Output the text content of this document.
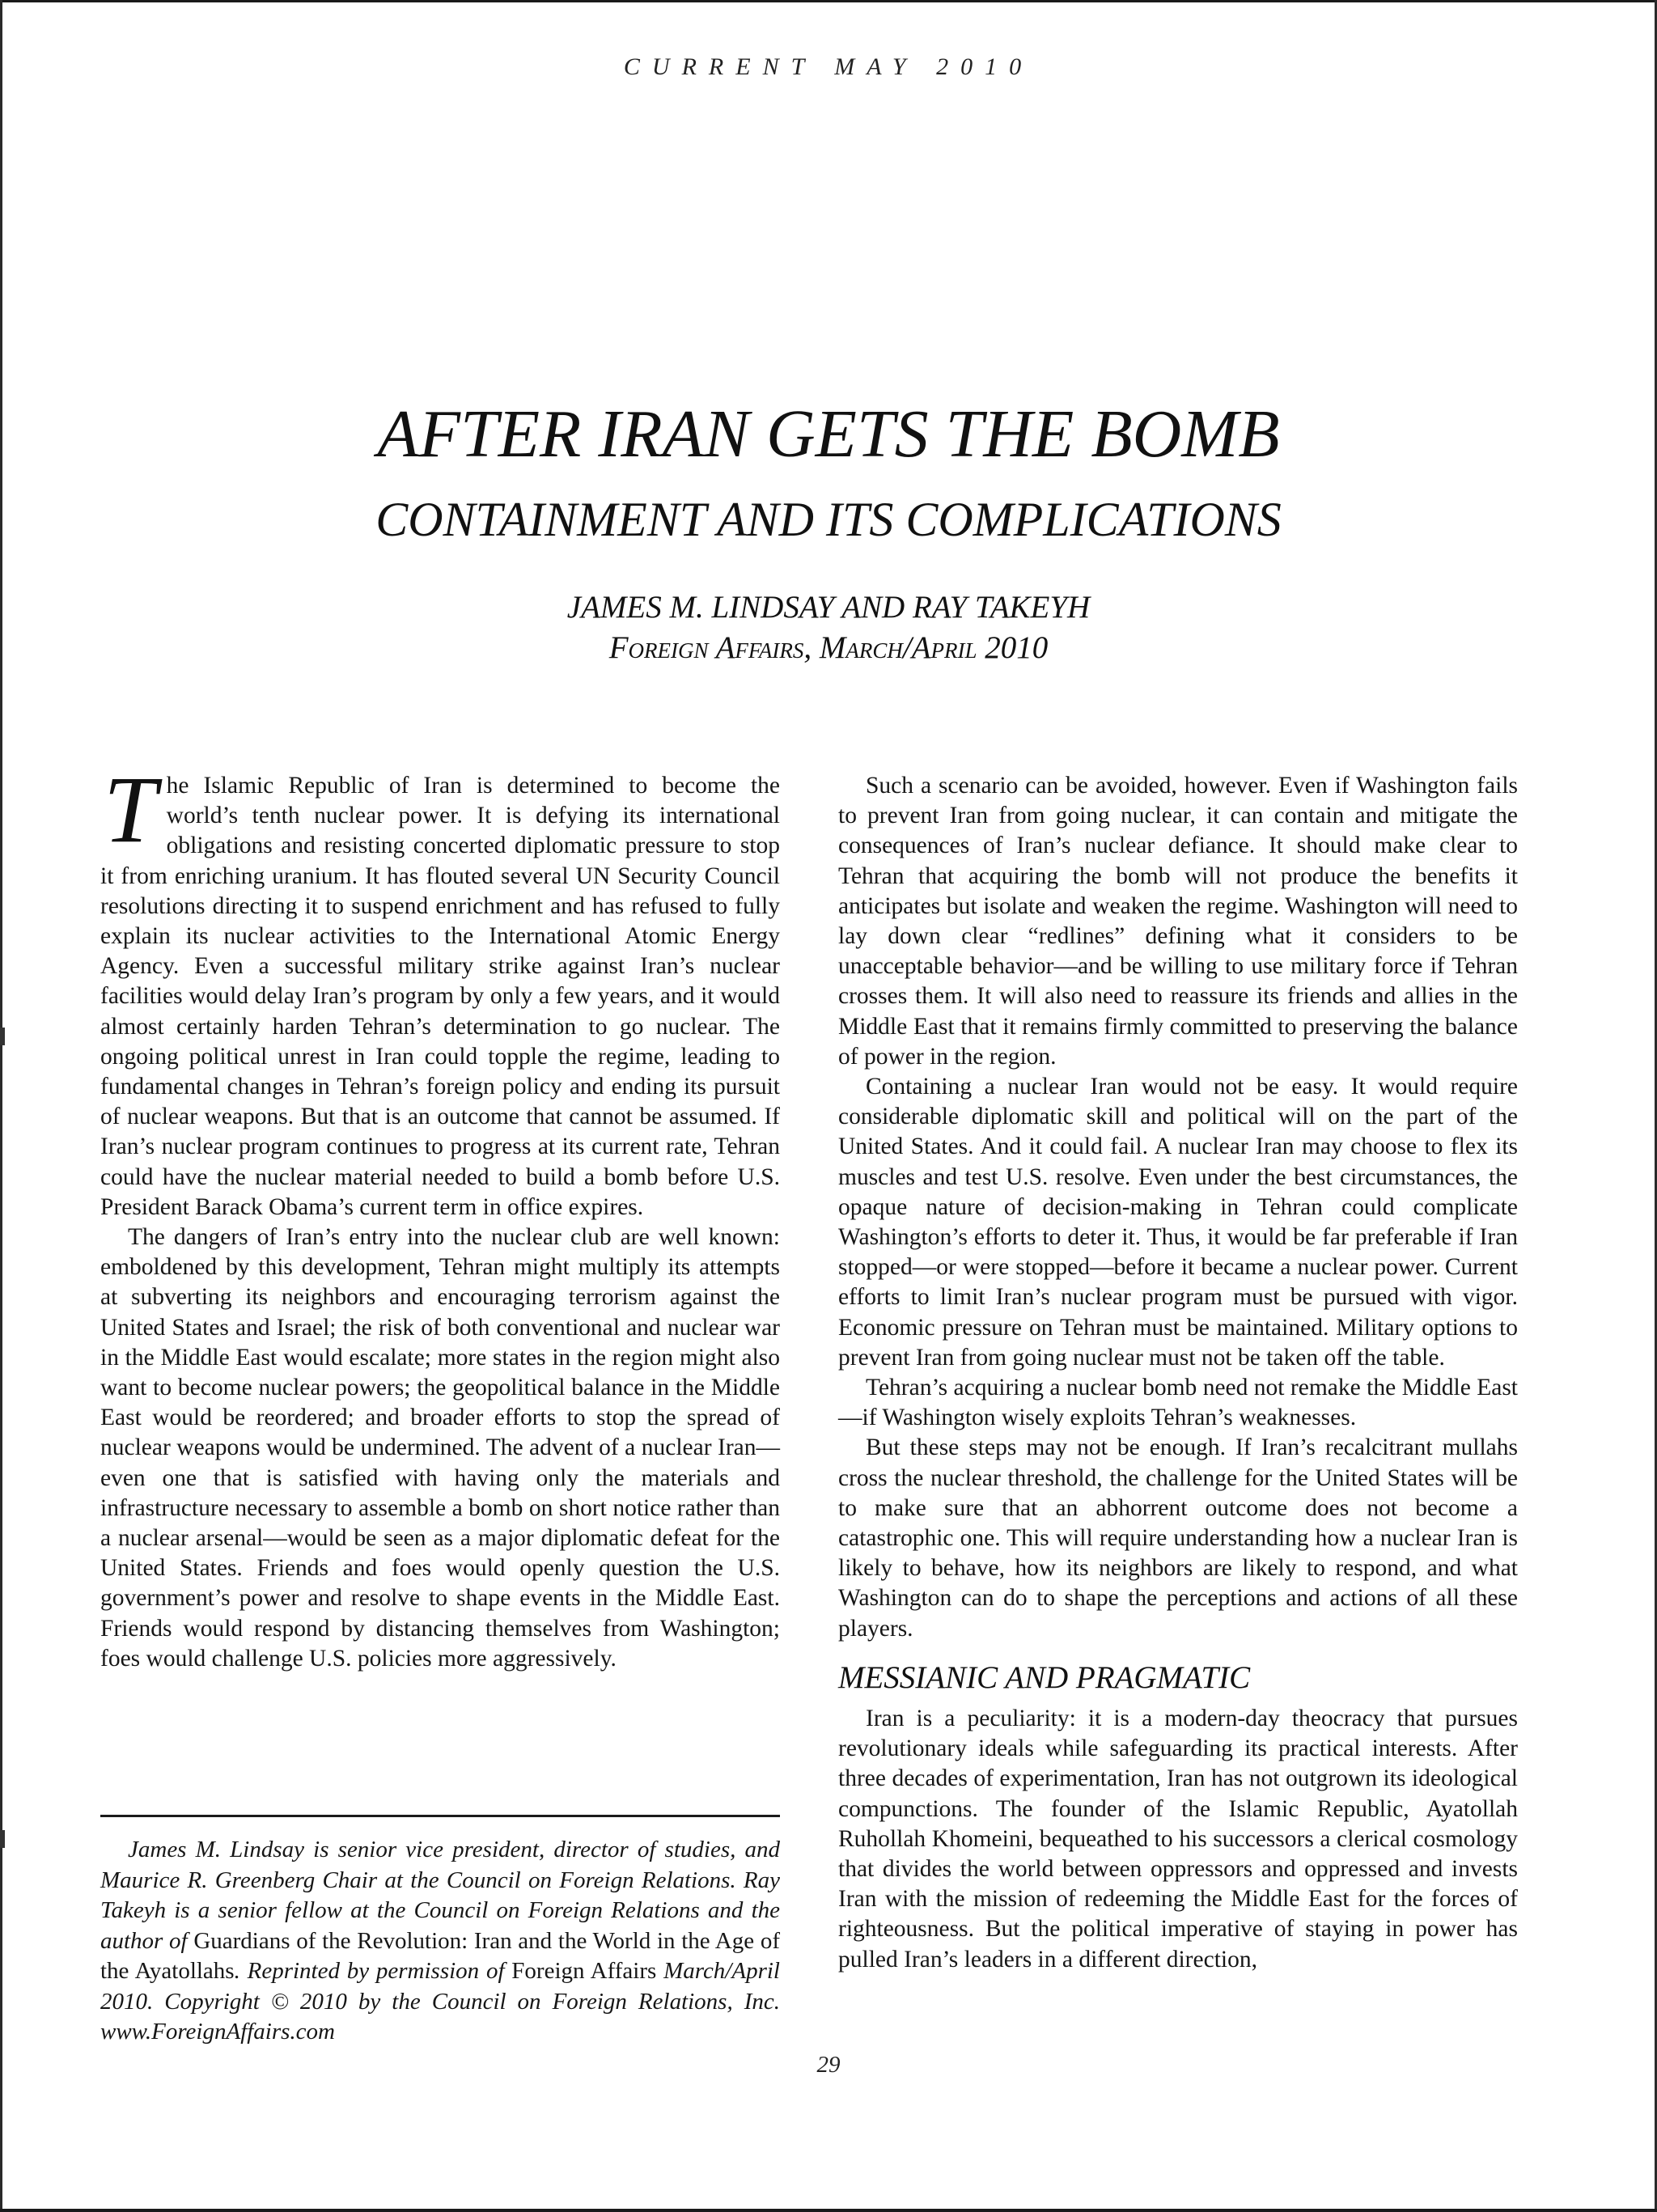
CURRENT MAY 2010
AFTER IRAN GETS THE BOMB
CONTAINMENT AND ITS COMPLICATIONS
JAMES M. LINDSAY AND RAY TAKEYH
Foreign Affairs, March/April 2010

The Islamic Republic of Iran is determined to become the world’s tenth nuclear power. It is defying its international obligations and resisting concerted diplomatic pressure to stop it from enriching uranium. It has flouted several UN Security Council resolutions directing it to suspend enrichment and has refused to fully explain its nuclear activities to the International Atomic Energy Agency. Even a successful military strike against Iran’s nuclear facilities would delay Iran’s program by only a few years, and it would almost certainly harden Tehran’s determination to go nuclear. The ongoing political unrest in Iran could topple the regime, leading to fundamental changes in Tehran’s foreign policy and ending its pursuit of nuclear weapons. But that is an outcome that cannot be assumed. If Iran’s nuclear program continues to progress at its current rate, Tehran could have the nuclear material needed to build a bomb before U.S. President Barack Obama’s current term in office expires.

The dangers of Iran’s entry into the nuclear club are well known: emboldened by this development, Tehran might multiply its attempts at subverting its neighbors and encouraging terrorism against the United States and Israel; the risk of both conventional and nuclear war in the Middle East would escalate; more states in the region might also want to become nuclear powers; the geopolitical balance in the Middle East would be reordered; and broader efforts to stop the spread of nuclear weapons would be undermined. The advent of a nuclear Iran—even one that is satisfied with having only the materials and infrastructure necessary to assemble a bomb on short notice rather than a nuclear arsenal—would be seen as a major diplomatic defeat for the United States. Friends and foes would openly question the U.S. government’s power and resolve to shape events in the Middle East. Friends would respond by distancing themselves from Washington; foes would challenge U.S. policies more aggressively.

Such a scenario can be avoided, however. Even if Washington fails to prevent Iran from going nuclear, it can contain and mitigate the consequences of Iran’s nuclear defiance. It should make clear to Tehran that acquiring the bomb will not produce the benefits it anticipates but isolate and weaken the regime. Washington will need to lay down clear “redlines” defining what it considers to be unacceptable behavior—and be willing to use military force if Tehran crosses them. It will also need to reassure its friends and allies in the Middle East that it remains firmly committed to preserving the balance of power in the region.

Containing a nuclear Iran would not be easy. It would require considerable diplomatic skill and political will on the part of the United States. And it could fail. A nuclear Iran may choose to flex its muscles and test U.S. resolve. Even under the best circumstances, the opaque nature of decision-making in Tehran could complicate Washington’s efforts to deter it. Thus, it would be far preferable if Iran stopped—or were stopped—before it became a nuclear power. Current efforts to limit Iran’s nuclear program must be pursued with vigor. Economic pressure on Tehran must be maintained. Military options to prevent Iran from going nuclear must not be taken off the table.

Tehran’s acquiring a nuclear bomb need not remake the Middle East—if Washington wisely exploits Tehran’s weaknesses.

But these steps may not be enough. If Iran’s recalcitrant mullahs cross the nuclear threshold, the challenge for the United States will be to make sure that an abhorrent outcome does not become a catastrophic one. This will require understanding how a nuclear Iran is likely to behave, how its neighbors are likely to respond, and what Washington can do to shape the perceptions and actions of all these players.

MESSIANIC AND PRAGMATIC

Iran is a peculiarity: it is a modern-day theocracy that pursues revolutionary ideals while safeguarding its practical interests. After three decades of experimentation, Iran has not outgrown its ideological compunctions. The founder of the Islamic Republic, Ayatollah Ruhollah Khomeini, bequeathed to his successors a clerical cosmology that divides the world between oppressors and oppressed and invests Iran with the mission of redeeming the Middle East for the forces of righteousness. But the political imperative of staying in power has pulled Iran’s leaders in a different direction,

James M. Lindsay is senior vice president, director of studies, and Maurice R. Greenberg Chair at the Council on Foreign Relations. Ray Takeyh is a senior fellow at the Council on Foreign Relations and the author of Guardians of the Revolution: Iran and the World in the Age of the Ayatollahs. Reprinted by permission of Foreign Affairs March/April 2010. Copyright © 2010 by the Council on Foreign Relations, Inc. www.ForeignAffairs.com

29
